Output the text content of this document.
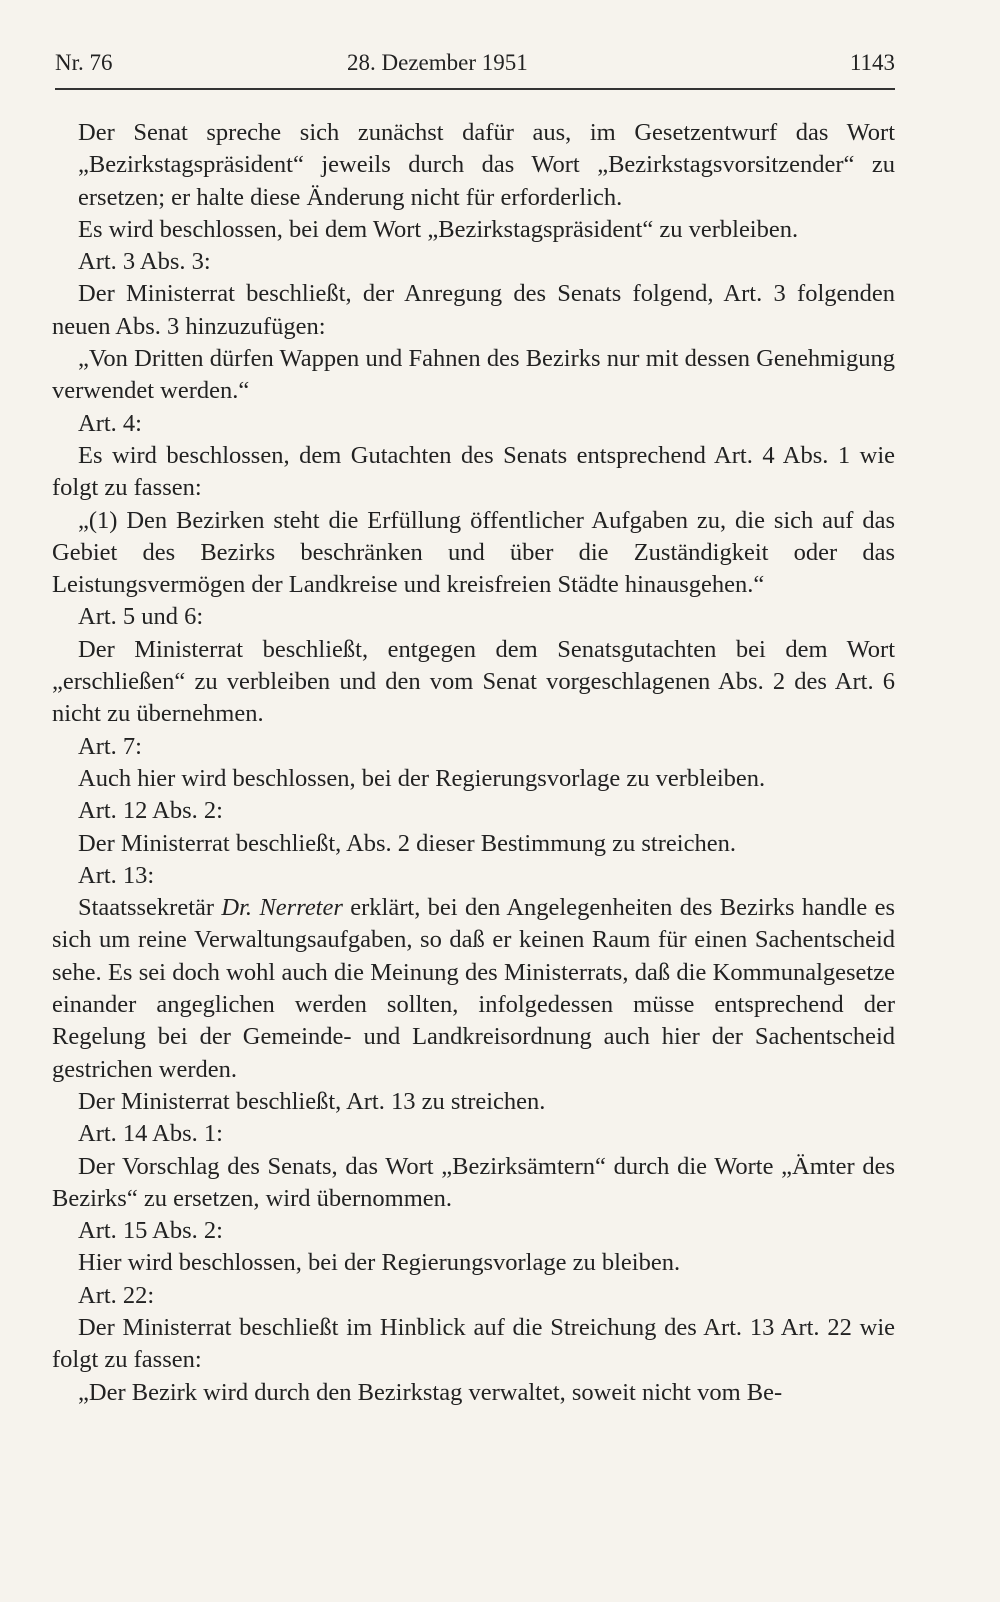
Nr. 76	28. Dezember 1951	1143

Der Senat spreche sich zunächst dafür aus, im Gesetzentwurf das Wort „Bezirkstagspräsident“ jeweils durch das Wort „Bezirkstagsvorsitzender“ zu ersetzen; er halte diese Änderung nicht für erforderlich.

Es wird beschlossen, bei dem Wort „Bezirkstagspräsident“ zu verbleiben.

Art. 3 Abs. 3:

Der Ministerrat beschließt, der Anregung des Senats folgend, Art. 3 folgenden neuen Abs. 3 hinzuzufügen:

„Von Dritten dürfen Wappen und Fahnen des Bezirks nur mit dessen Genehmigung verwendet werden.“

Art. 4:

Es wird beschlossen, dem Gutachten des Senats entsprechend Art. 4 Abs. 1 wie folgt zu fassen:

„(1) Den Bezirken steht die Erfüllung öffentlicher Aufgaben zu, die sich auf das Gebiet des Bezirks beschränken und über die Zuständigkeit oder das Leistungsvermögen der Landkreise und kreisfreien Städte hinausgehen.“

Art. 5 und 6:

Der Ministerrat beschließt, entgegen dem Senatsgutachten bei dem Wort „erschließen“ zu verbleiben und den vom Senat vorgeschlagenen Abs. 2 des Art. 6 nicht zu übernehmen.

Art. 7:

Auch hier wird beschlossen, bei der Regierungsvorlage zu verbleiben.

Art. 12 Abs. 2:

Der Ministerrat beschließt, Abs. 2 dieser Bestimmung zu streichen.

Art. 13:

Staatssekretär Dr. Nerreter erklärt, bei den Angelegenheiten des Bezirks handle es sich um reine Verwaltungsaufgaben, so daß er keinen Raum für einen Sachentscheid sehe. Es sei doch wohl auch die Meinung des Ministerrats, daß die Kommunalgesetze einander angeglichen werden sollten, infolgedessen müsse entsprechend der Regelung bei der Gemeinde- und Landkreisordnung auch hier der Sachentscheid gestrichen werden.

Der Ministerrat beschließt, Art. 13 zu streichen.

Art. 14 Abs. 1:

Der Vorschlag des Senats, das Wort „Bezirksämtern“ durch die Worte „Ämter des Bezirks“ zu ersetzen, wird übernommen.

Art. 15 Abs. 2:

Hier wird beschlossen, bei der Regierungsvorlage zu bleiben.

Art. 22:

Der Ministerrat beschließt im Hinblick auf die Streichung des Art. 13 Art. 22 wie folgt zu fassen:

„Der Bezirk wird durch den Bezirkstag verwaltet, soweit nicht vom Be-
